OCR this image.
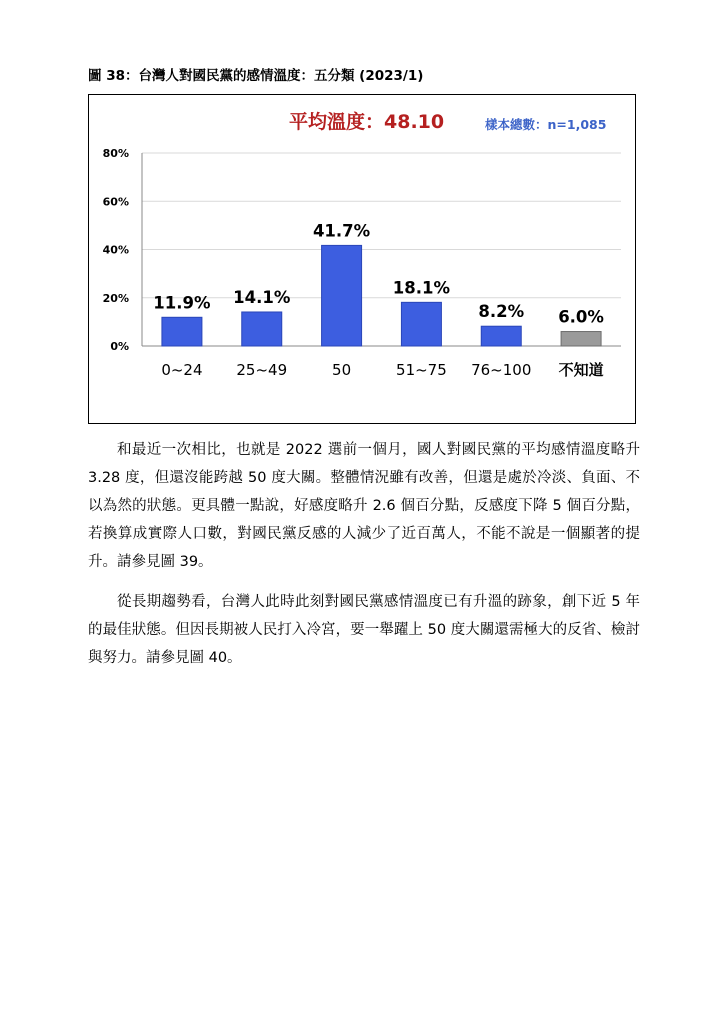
圖 38：台灣人對國民黨的感情溫度：五分類 (2023/1)
0%
20%
40%
60%
80%
11.9%
0~24
14.1%
25~49
41.7%
50
18.1%
51~75
8.2%
76~100
6.0%
不知道
平均溫度：48.10	樣本總數：n=1,085

和最近一次相比，也就是 2022 選前一個月，國人對國民黨的平均感情溫度略升 3.28 度，但還沒能跨越 50 度大關。整體情況雖有改善，但還是處於冷淡、負面、不以為然的狀態。更具體一點說，好感度略升 2.6 個百分點，反感度下降 5 個百分點，若換算成實際人口數，對國民黨反感的人減少了近百萬人，不能不說是一個顯著的提升。請參見圖 39。

從長期趨勢看，台灣人此時此刻對國民黨感情溫度已有升溫的跡象，創下近 5 年的最佳狀態。但因長期被人民打入冷宮，要一舉躍上 50 度大關還需極大的反省、檢討與努力。請參見圖 40。
